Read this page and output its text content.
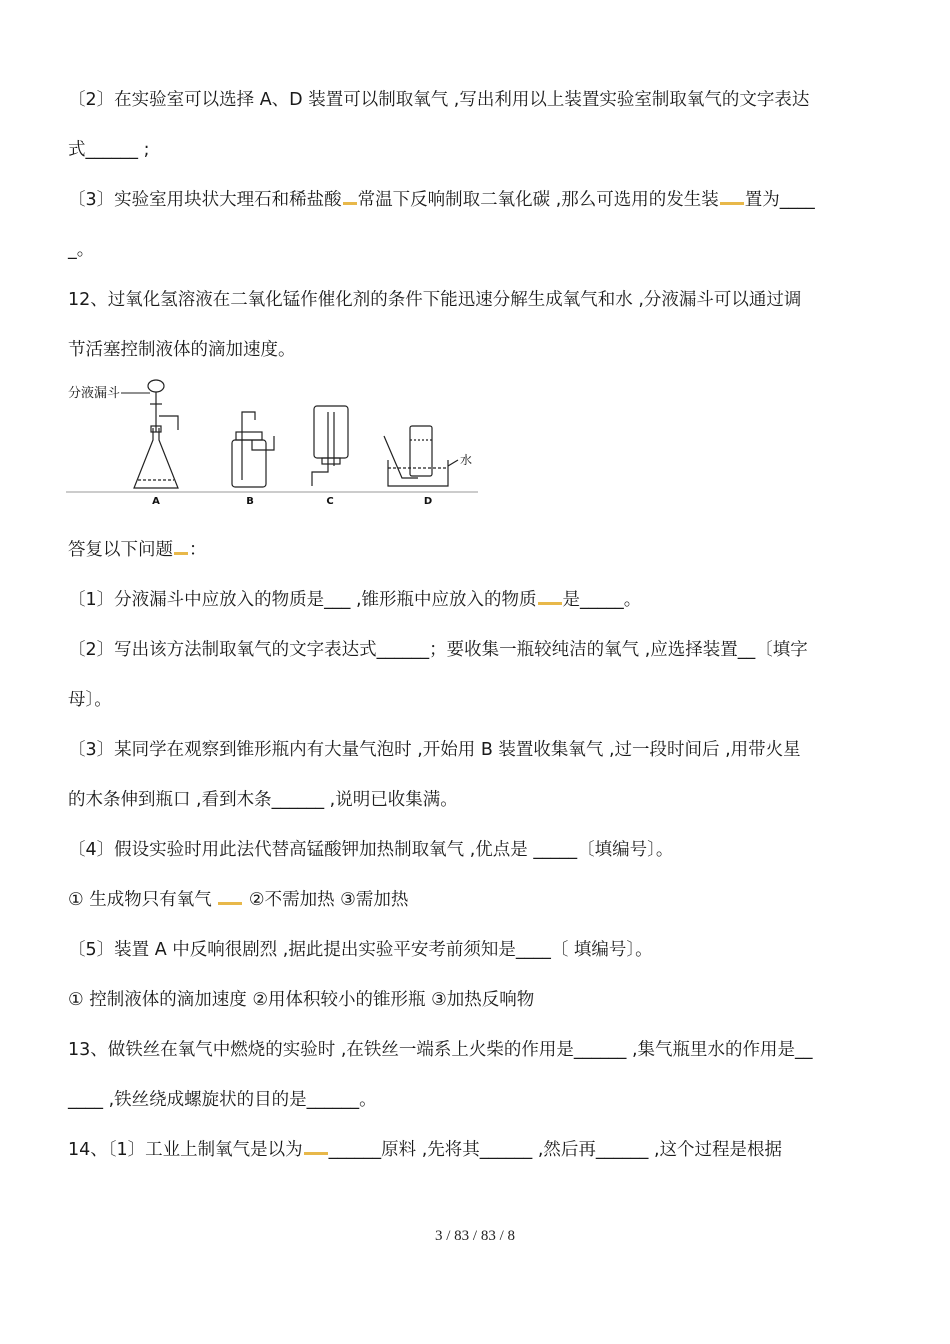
〔2〕在实验室可以选择 A、D 装置可以制取氧气 ,写出利用以上装置实验室制取氧气的文字表达
式______ ;
〔3〕实验室用块状大理石和稀盐酸 常温下反响制取二氧化碳 ,那么可选用的发生装 置为____
_。
12、过氧化氢溶液在二氧化锰作催化剂的条件下能迅速分解生成氧气和水 ,分液漏斗可以通过调
节活塞控制液体的滴加速度。
分液漏斗
水
A	B	C	D
答复以下问题 ：
〔1〕分液漏斗中应放入的物质是___ ,锥形瓶中应放入的物质 是_____。
〔2〕写出该方法制取氧气的文字表达式______；要收集一瓶较纯洁的氧气 ,应选择装置__〔填字
母〕。
〔3〕某同学在观察到锥形瓶内有大量气泡时 ,开始用 B 装置收集氧气 ,过一段时间后 ,用带火星
的木条伸到瓶口 ,看到木条______ ,说明已收集满。
〔4〕假设实验时用此法代替高锰酸钾加热制取氧气 ,优点是 _____〔填编号〕。
① 生成物只有氧气  ②不需加热 ③需加热
〔5〕装置 A 中反响很剧烈 ,据此提出实验平安考前须知是____〔 填编号〕。
① 控制液体的滴加速度 ②用体积较小的锥形瓶 ③加热反响物
13、做铁丝在氧气中燃烧的实验时 ,在铁丝一端系上火柴的作用是______ ,集气瓶里水的作用是__
____ ,铁丝绕成螺旋状的目的是______。
14、〔1〕工业上制氧气是以为 ______原料 ,先将其______ ,然后再______ ,这个过程是根据
3 / 83 / 83 / 8
